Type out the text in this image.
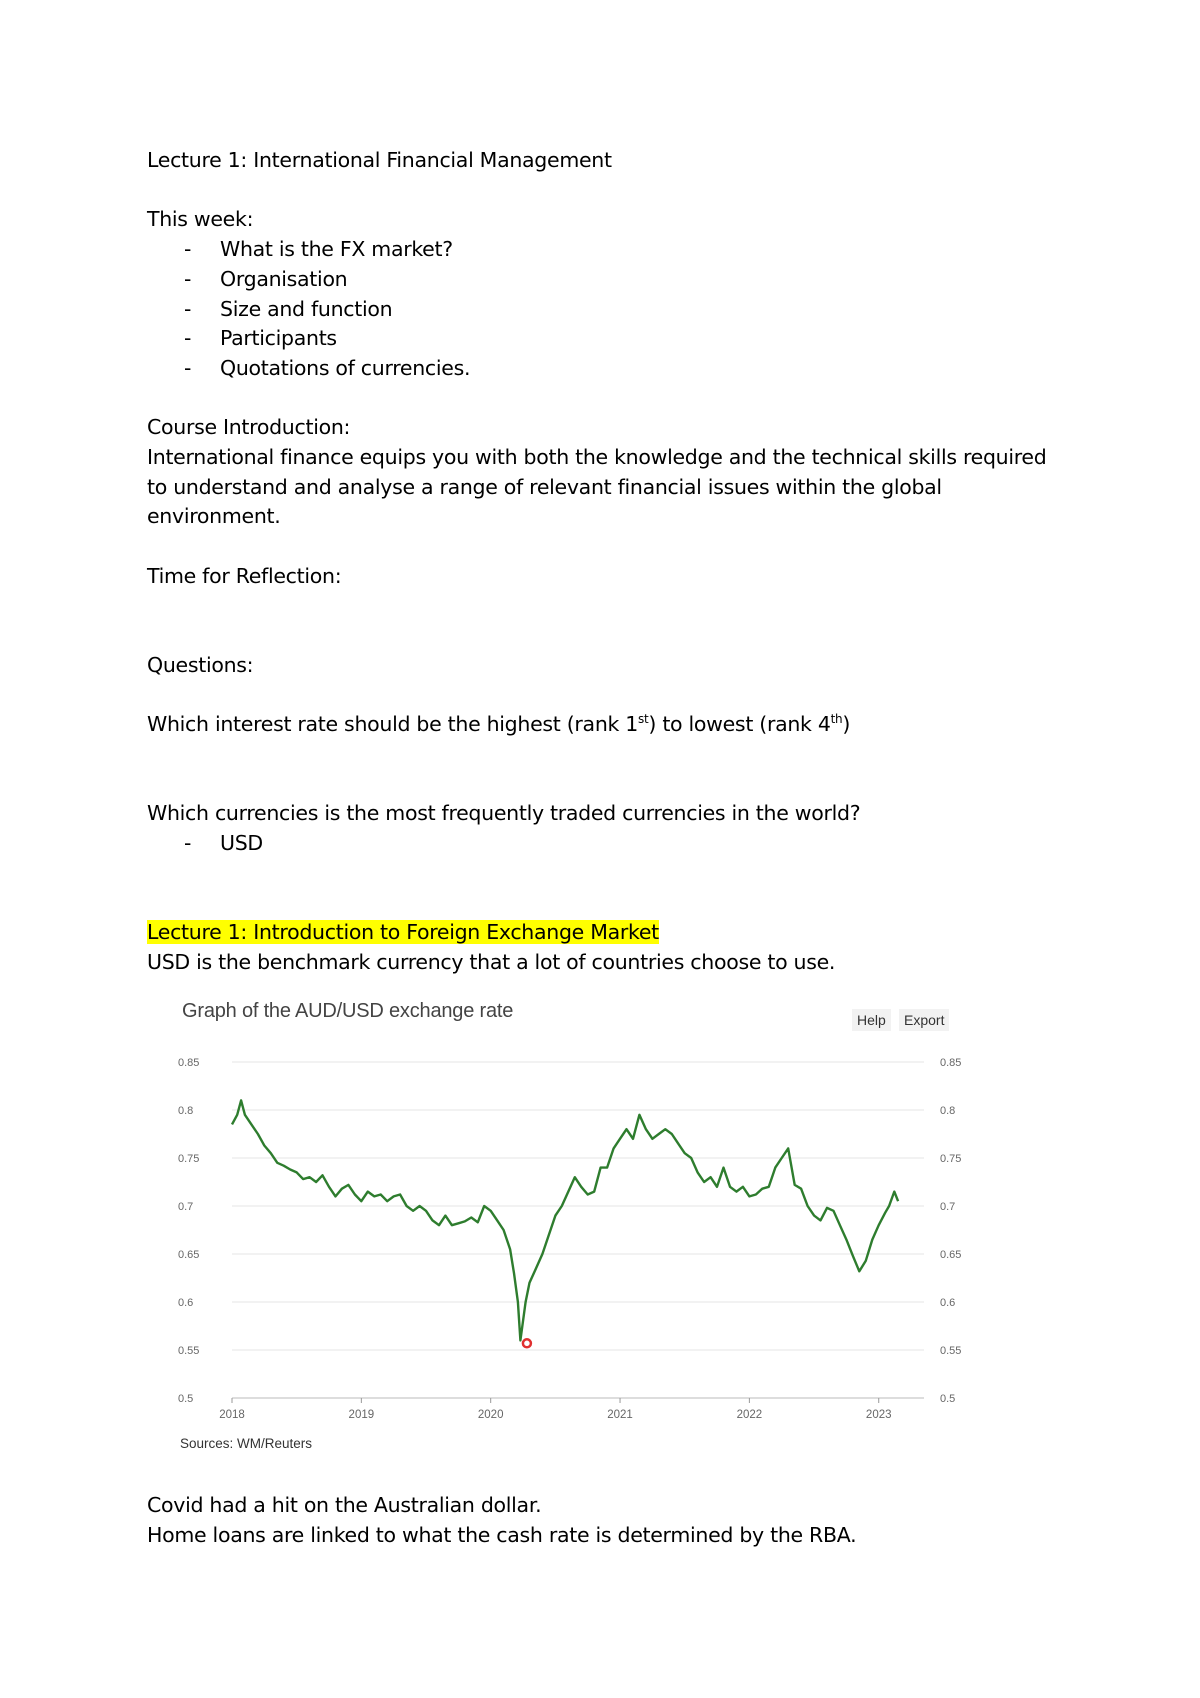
Lecture 1: International Financial Management

This week:

- What is the FX market?
- Organisation
- Size and function
- Participants
- Quotations of currencies.

Course Introduction:

International finance equips you with both the knowledge and the technical skills required to understand and analyse a range of relevant financial issues within the global environment.

Time for Reflection:

Questions:

Which interest rate should be the highest (rank 1st) to lowest (rank 4th)

Which currencies is the most frequently traded currencies in the world?

- USD

Lecture 1: Introduction to Foreign Exchange Market

USD is the benchmark currency that a lot of countries choose to use.

Graph of the AUD/USD exchange rate	Help	Export
0.5	0.5
0.55	0.55
0.6	0.6
0.65	0.65
0.7	0.7
0.75	0.75
0.8	0.8
0.85	0.85
2018	2019	2020	2021	2022	2023
Sources: WM/Reuters

Covid had a hit on the Australian dollar.

Home loans are linked to what the cash rate is determined by the RBA.
